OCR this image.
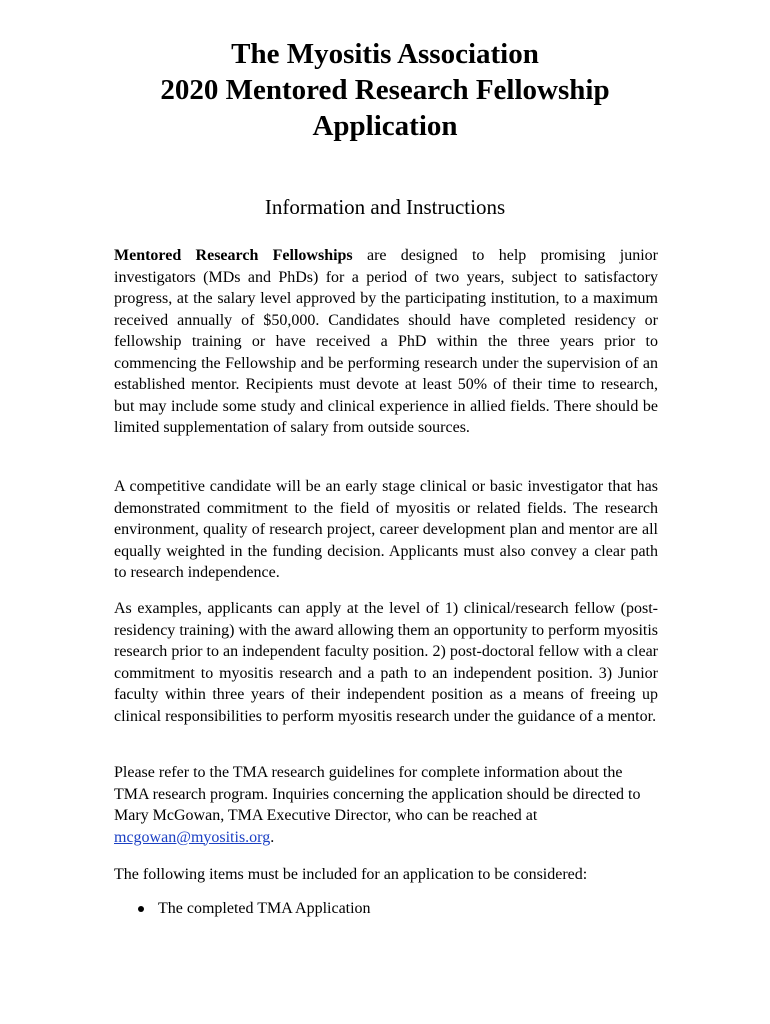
The Myositis Association
2020 Mentored Research Fellowship
Application
Information and Instructions

Mentored Research Fellowships are designed to help promising junior investigators (MDs and PhDs) for a period of two years, subject to satisfactory progress, at the salary level approved by the participating institution, to a maximum received annually of $50,000. Candidates should have completed residency or fellowship training or have received a PhD within the three years prior to commencing the Fellowship and be performing research under the supervision of an established mentor. Recipients must devote at least 50% of their time to research, but may include some study and clinical experience in allied fields. There should be limited supplementation of salary from outside sources.

A competitive candidate will be an early stage clinical or basic investigator that has demonstrated commitment to the field of myositis or related fields. The research environment, quality of research project, career development plan and mentor are all equally weighted in the funding decision. Applicants must also convey a clear path to research independence.

As examples, applicants can apply at the level of 1) clinical/research fellow (post-residency training) with the award allowing them an opportunity to perform myositis research prior to an independent faculty position. 2) post-doctoral fellow with a clear commitment to myositis research and a path to an independent position. 3) Junior faculty within three years of their independent position as a means of freeing up clinical responsibilities to perform myositis research under the guidance of a mentor.

Please refer to the TMA research guidelines for complete information about the TMA research program. Inquiries concerning the application should be directed to Mary McGowan, TMA Executive Director, who can be reached at mcgowan@myositis.org.

The following items must be included for an application to be considered:

The completed TMA Application
